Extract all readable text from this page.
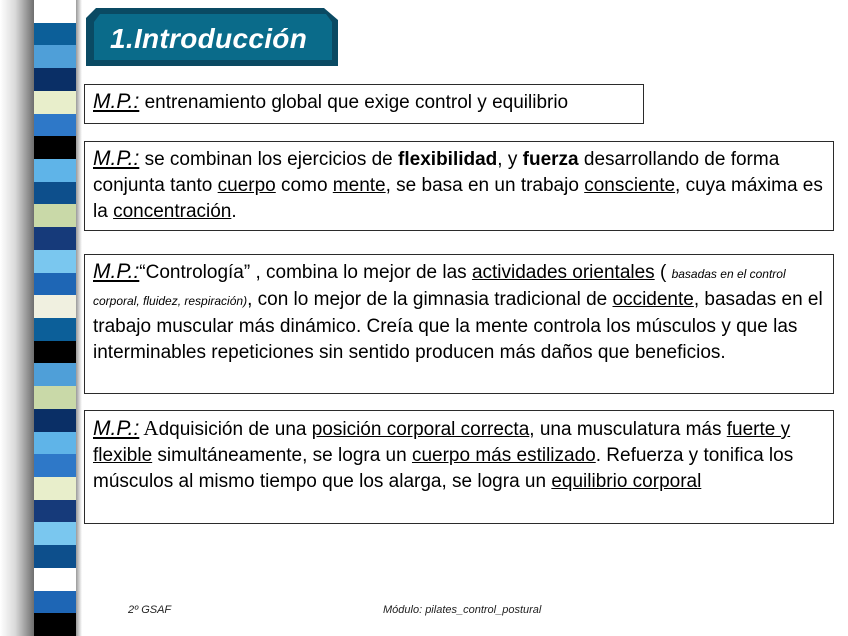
1.Introducción
M.P.: entrenamiento global que exige control y equilibrio
M.P.: se combinan los ejercicios de flexibilidad, y fuerza desarrollando de forma conjunta tanto cuerpo como mente, se basa en un trabajo consciente, cuya máxima es la concentración.
M.P.:“Contrología” , combina lo mejor de las actividades orientales ( basadas en el control corporal, fluidez, respiración), con lo mejor de la gimnasia tradicional de occidente, basadas en el trabajo muscular más dinámico. Creía que la mente controla los músculos y que las interminables repeticiones sin sentido producen más daños que beneficios.
M.P.: Adquisición de una posición corporal correcta, una musculatura más fuerte y flexible simultáneamente, se logra un cuerpo más estilizado. Refuerza y tonifica los músculos al mismo tiempo que los alarga, se logra un equilibrio corporal
2º GSAF	Módulo: pilates_control_postural
